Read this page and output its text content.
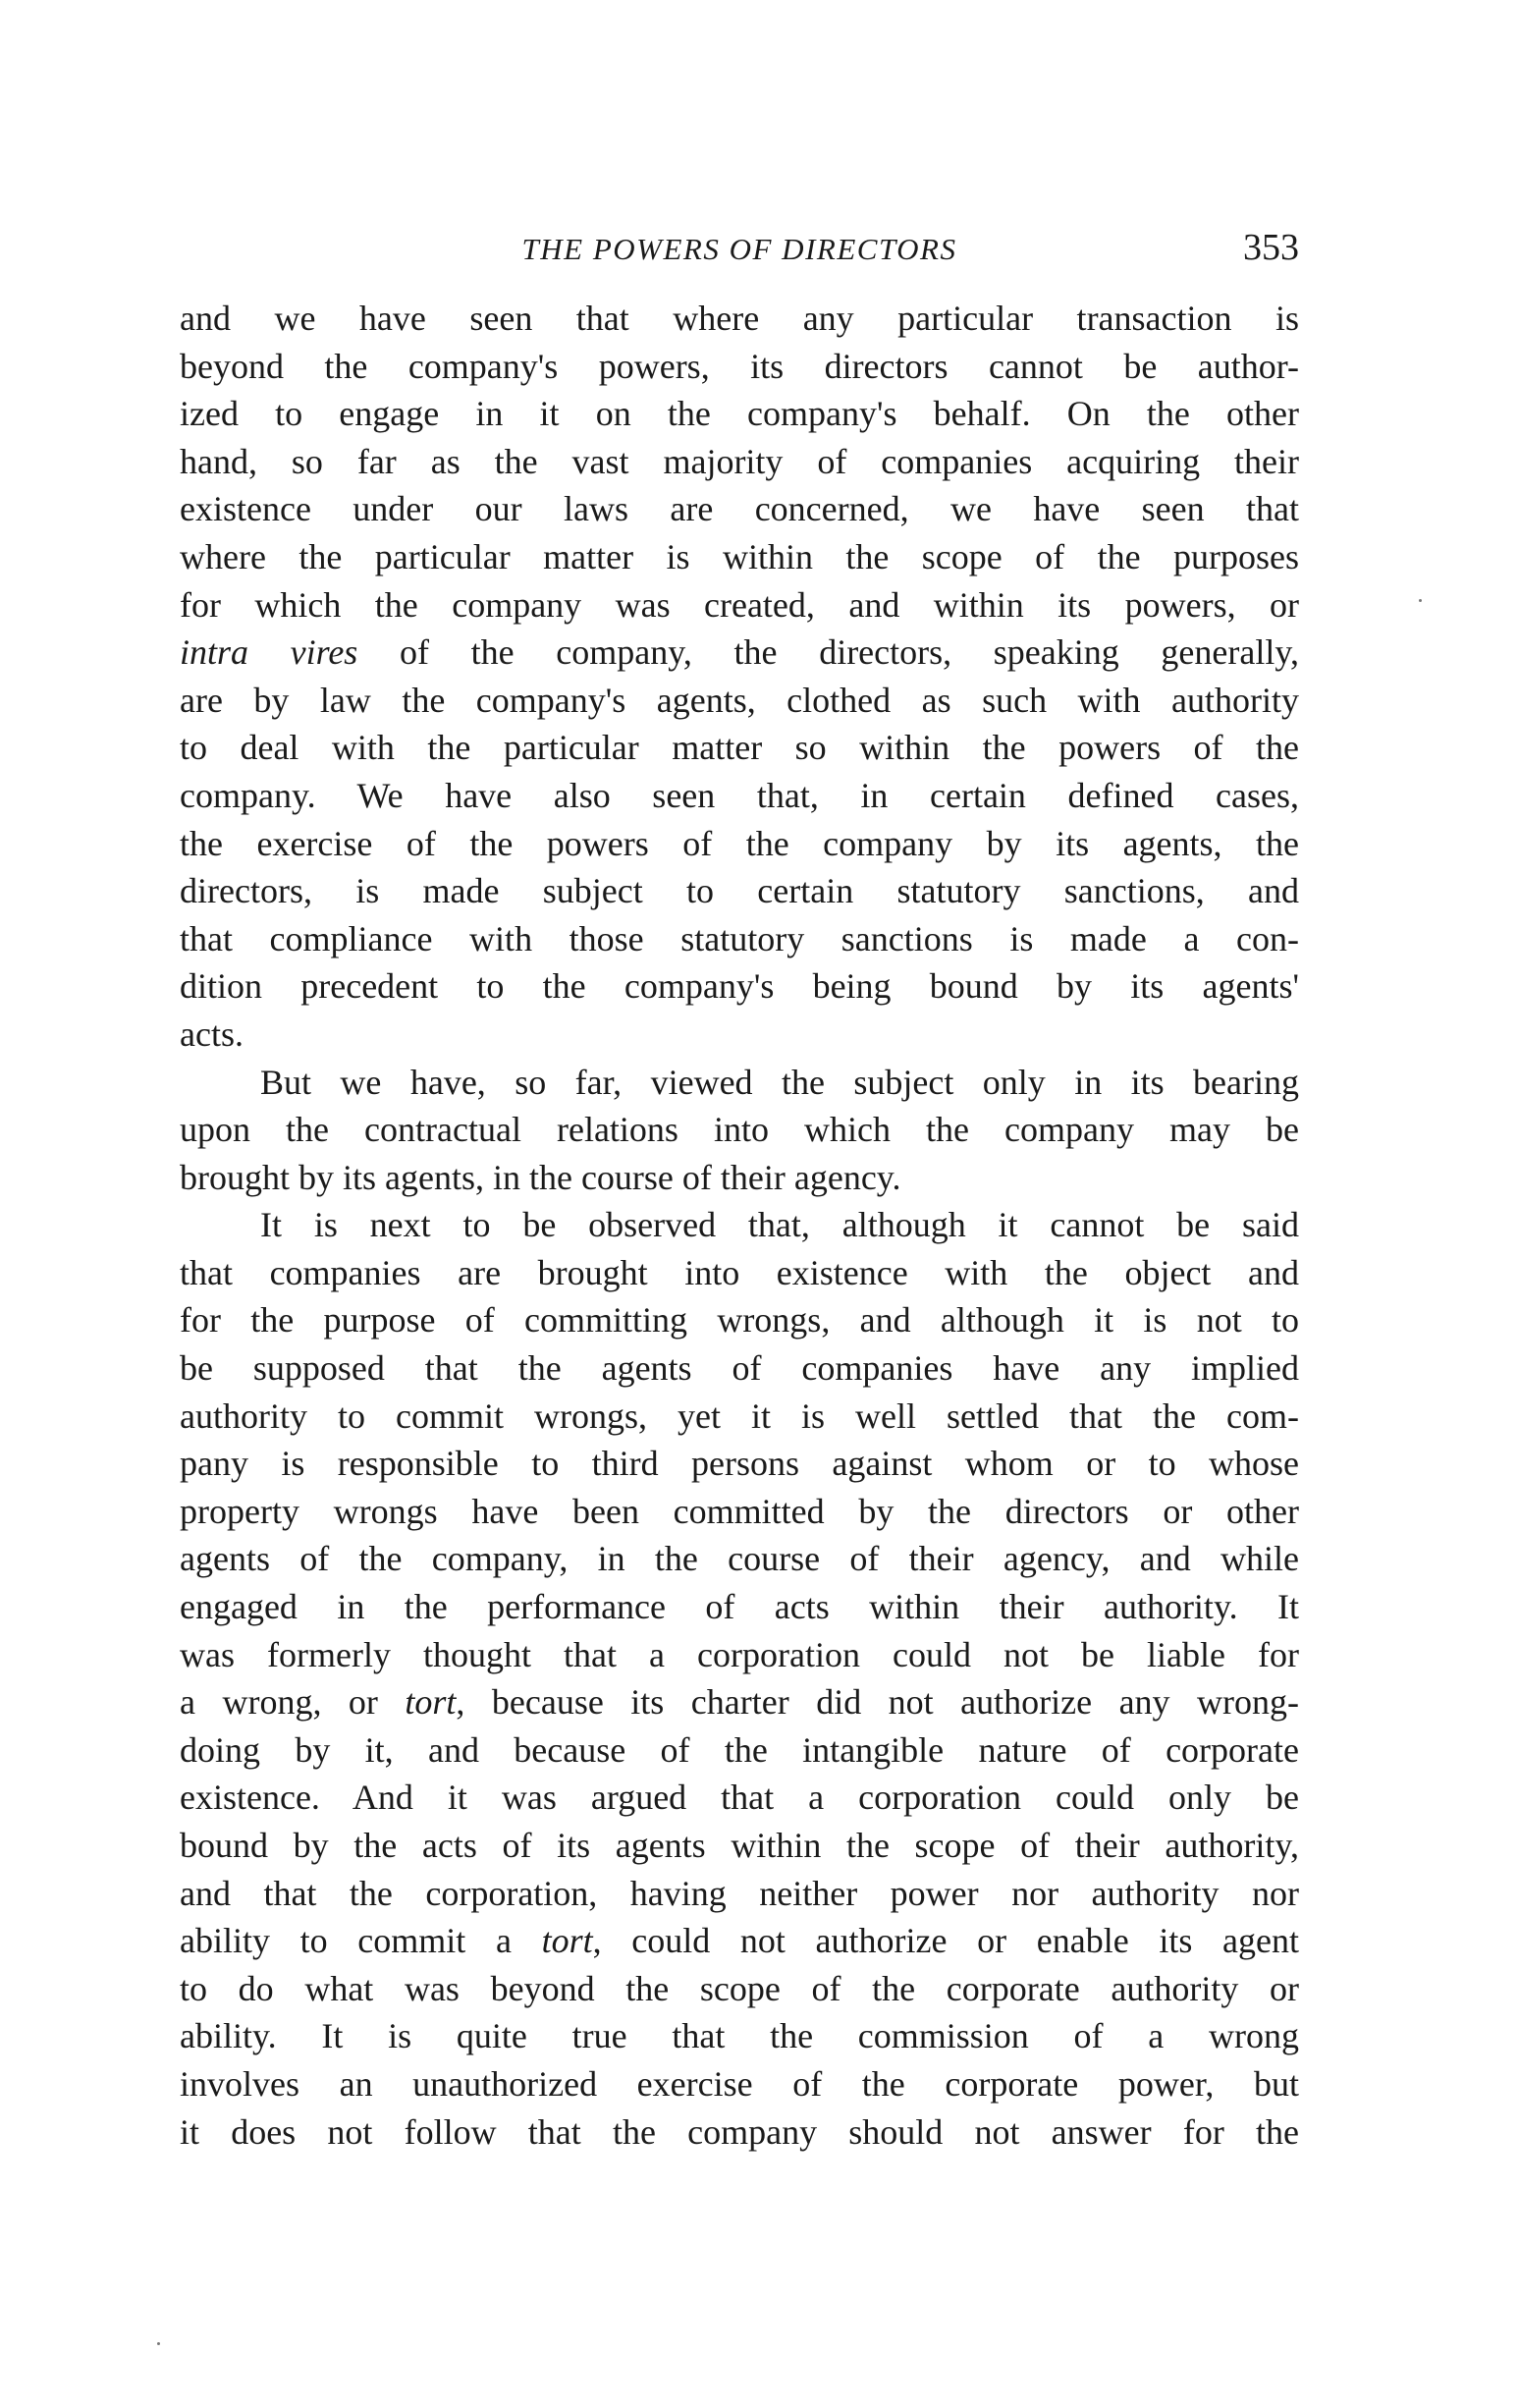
THE POWERS OF DIRECTORS	353
and we have seen that where any particular transaction is
beyond the company's powers, its directors cannot be author-
ized to engage in it on the company's behalf. On the other
hand, so far as the vast majority of companies acquiring their
existence under our laws are concerned, we have seen that
where the particular matter is within the scope of the purposes
for which the company was created, and within its powers, or
intra vires of the company, the directors, speaking generally,
are by law the company's agents, clothed as such with authority
to deal with the particular matter so within the powers of the
company. We have also seen that, in certain defined cases,
the exercise of the powers of the company by its agents, the
directors, is made subject to certain statutory sanctions, and
that compliance with those statutory sanctions is made a con-
dition precedent to the company's being bound by its agents'
acts.
But we have, so far, viewed the subject only in its bearing
upon the contractual relations into which the company may be
brought by its agents, in the course of their agency.
It is next to be observed that, although it cannot be said
that companies are brought into existence with the object and
for the purpose of committing wrongs, and although it is not to
be supposed that the agents of companies have any implied
authority to commit wrongs, yet it is well settled that the com-
pany is responsible to third persons against whom or to whose
property wrongs have been committed by the directors or other
agents of the company, in the course of their agency, and while
engaged in the performance of acts within their authority. It
was formerly thought that a corporation could not be liable for
a wrong, or tort, because its charter did not authorize any wrong-
doing by it, and because of the intangible nature of corporate
existence. And it was argued that a corporation could only be
bound by the acts of its agents within the scope of their authority,
and that the corporation, having neither power nor authority nor
ability to commit a tort, could not authorize or enable its agent
to do what was beyond the scope of the corporate authority or
ability. It is quite true that the commission of a wrong
involves an unauthorized exercise of the corporate power, but
it does not follow that the company should not answer for the
